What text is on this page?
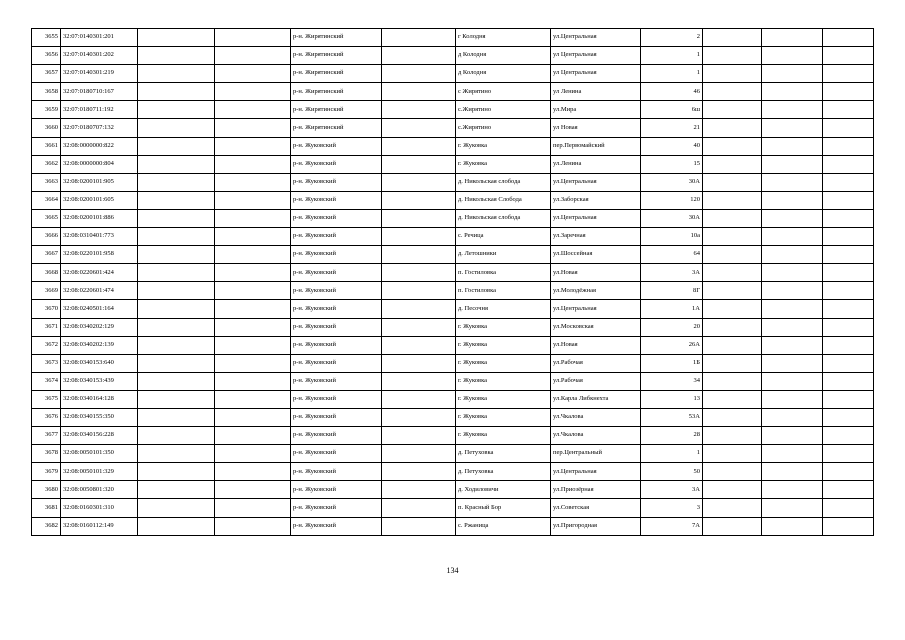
3655	32:07:0140301:201			р-н. Жирятинский		г Колодня	ул.Центральная	2			
3656	32:07:0140301:202			р-н. Жирятинский		д Колодня	ул Центральная	1			
3657	32:07:0140301:219			р-н. Жирятинский		д Колодня	ул Центральная	1			
3658	32:07:0180710:167			р-н. Жирятинский		с Жирятино	ул Ленина	46			
3659	32:07:0180711:192			р-н. Жирятинский		с.Жирятино	ул.Мира	6ш			
3660	32:07:0180707:132			р-н. Жирятинский		с.Жирятино	ул Новая	21			
3661	32:08:0000000:822			р-н. Жуковский		г. Жуковка	пер.Первомайский	40			
3662	32:08:0000000:804			р-н. Жуковский		г. Жуковка	ул.Ленина	15			
3663	32:08:0200101:905			р-н. Жуковский		д. Никольская слобода	ул.Центральная	30А			
3664	32:08:0200101:605			р-н. Жуковский		д. Никольская Слобода	ул.Заборская	120			
3665	32:08:0200101:886			р-н. Жуковский		д. Никольская слобода	ул.Центральная	30А			
3666	32:08:0310401:773			р-н. Жуковский		с. Речица	ул.Заречная	10а			
3667	32:08:0220101:958			р-н. Жуковский		д. Летошники	ул.Шоссейная	64			
3668	32:08:0220601:424			р-н. Жуковский		п. Гостиловка	ул.Новая	3А			
3669	32:08:0220601:474			р-н. Жуковский		п. Гостиловка	ул.Молодёжная	8Г			
3670	32:08:0240501:164			р-н. Жуковский		д. Песочня	ул.Центральная	1А			
3671	32:08:0340202:129			р-н. Жуковский		г. Жуковка	ул.Московская	20			
3672	32:08:0340202:139			р-н. Жуковский		г. Жуковка	ул.Новая	26А			
3673	32:08:0340153:640			р-н. Жуковский		г. Жуковка	ул.Рабочая	1Б			
3674	32:08:0340153:439			р-н. Жуковский		г. Жуковка	ул.Рабочая	34			
3675	32:08:0340164:128			р-н. Жуковский		г. Жуковка	ул.Карла Либкнехта	13			
3676	32:08:0340155:350			р-н. Жуковский		г. Жуковка	ул.Чкалова	53А			
3677	32:08:0340156:228			р-н. Жуковский		г. Жуковка	ул.Чкалова	28			
3678	32:08:0050101:350			р-н. Жуковский		д. Петуховка	пер.Центральный	1			
3679	32:08:0050101:329			р-н. Жуковский		д. Петуховка	ул.Центральная	50			
3680	32:08:0050801:320			р-н. Жуковский		д. Ходиловичи	ул.Приозёрная	3А			
3681	32:08:0160301:310			р-н. Жуковский		п. Красный Бор	ул.Советская	3			
3682	32:08:0160112:149			р-н. Жуковский		с. Ржаница	ул.Пригородная	7А			
134
